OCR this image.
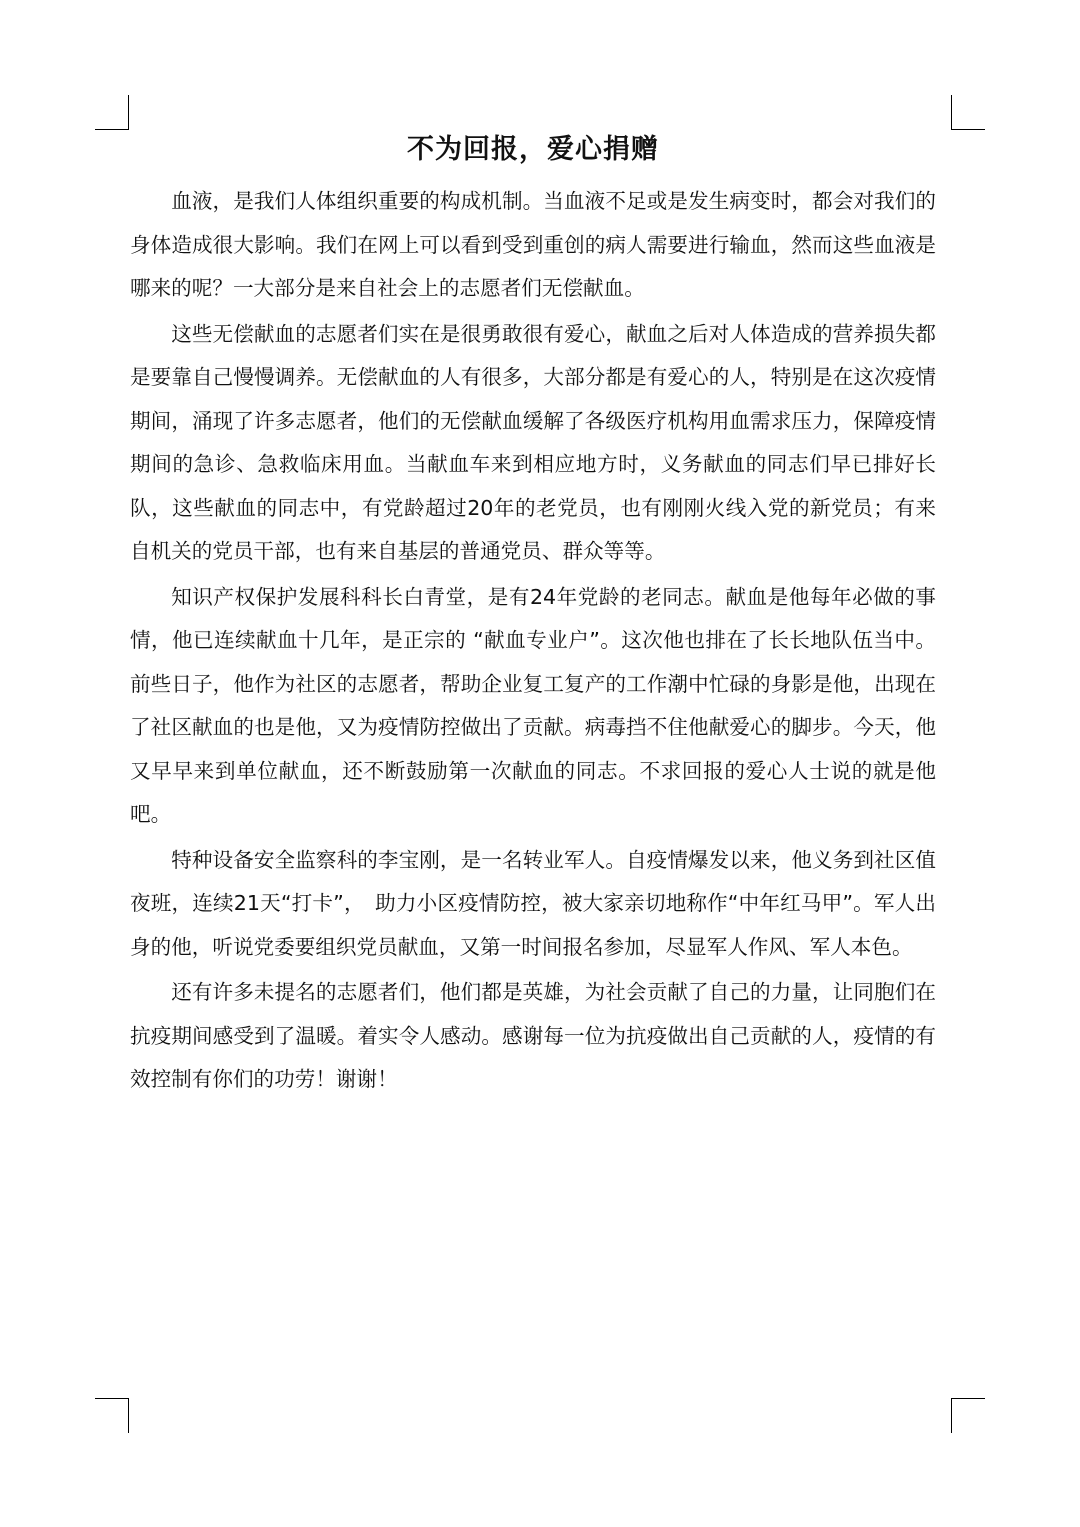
不为回报，爱心捐赠

血液，是我们人体组织重要的构成机制。当血液不足或是发生病变时，都会对我们的身体造成很大影响。我们在网上可以看到受到重创的病人需要进行输血，然而这些血液是哪来的呢？一大部分是来自社会上的志愿者们无偿献血。

这些无偿献血的志愿者们实在是很勇敢很有爱心，献血之后对人体造成的营养损失都是要靠自己慢慢调养。无偿献血的人有很多，大部分都是有爱心的人，特别是在这次疫情期间，涌现了许多志愿者，他们的无偿献血缓解了各级医疗机构用血需求压力，保障疫情期间的急诊、急救临床用血。当献血车来到相应地方时，义务献血的同志们早已排好长队，这些献血的同志中，有党龄超过20年的老党员，也有刚刚火线入党的新党员；有来自机关的党员干部，也有来自基层的普通党员、群众等等。

知识产权保护发展科科长白青堂，是有24年党龄的老同志。献血是他每年必做的事情，他已连续献血十几年，是正宗的 “献血专业户”。这次他也排在了长长地队伍当中。前些日子，他作为社区的志愿者，帮助企业复工复产的工作潮中忙碌的身影是他，出现在了社区献血的也是他，又为疫情防控做出了贡献。病毒挡不住他献爱心的脚步。今天，他又早早来到单位献血，还不断鼓励第一次献血的同志。不求回报的爱心人士说的就是他吧。

特种设备安全监察科的李宝刚，是一名转业军人。自疫情爆发以来，他义务到社区值夜班，连续21天“打卡”，　助力小区疫情防控，被大家亲切地称作“中年红马甲”。军人出身的他，听说党委要组织党员献血，又第一时间报名参加，尽显军人作风、军人本色。

还有许多未提名的志愿者们，他们都是英雄，为社会贡献了自己的力量，让同胞们在抗疫期间感受到了温暖。着实令人感动。感谢每一位为抗疫做出自己贡献的人，疫情的有效控制有你们的功劳！谢谢！
